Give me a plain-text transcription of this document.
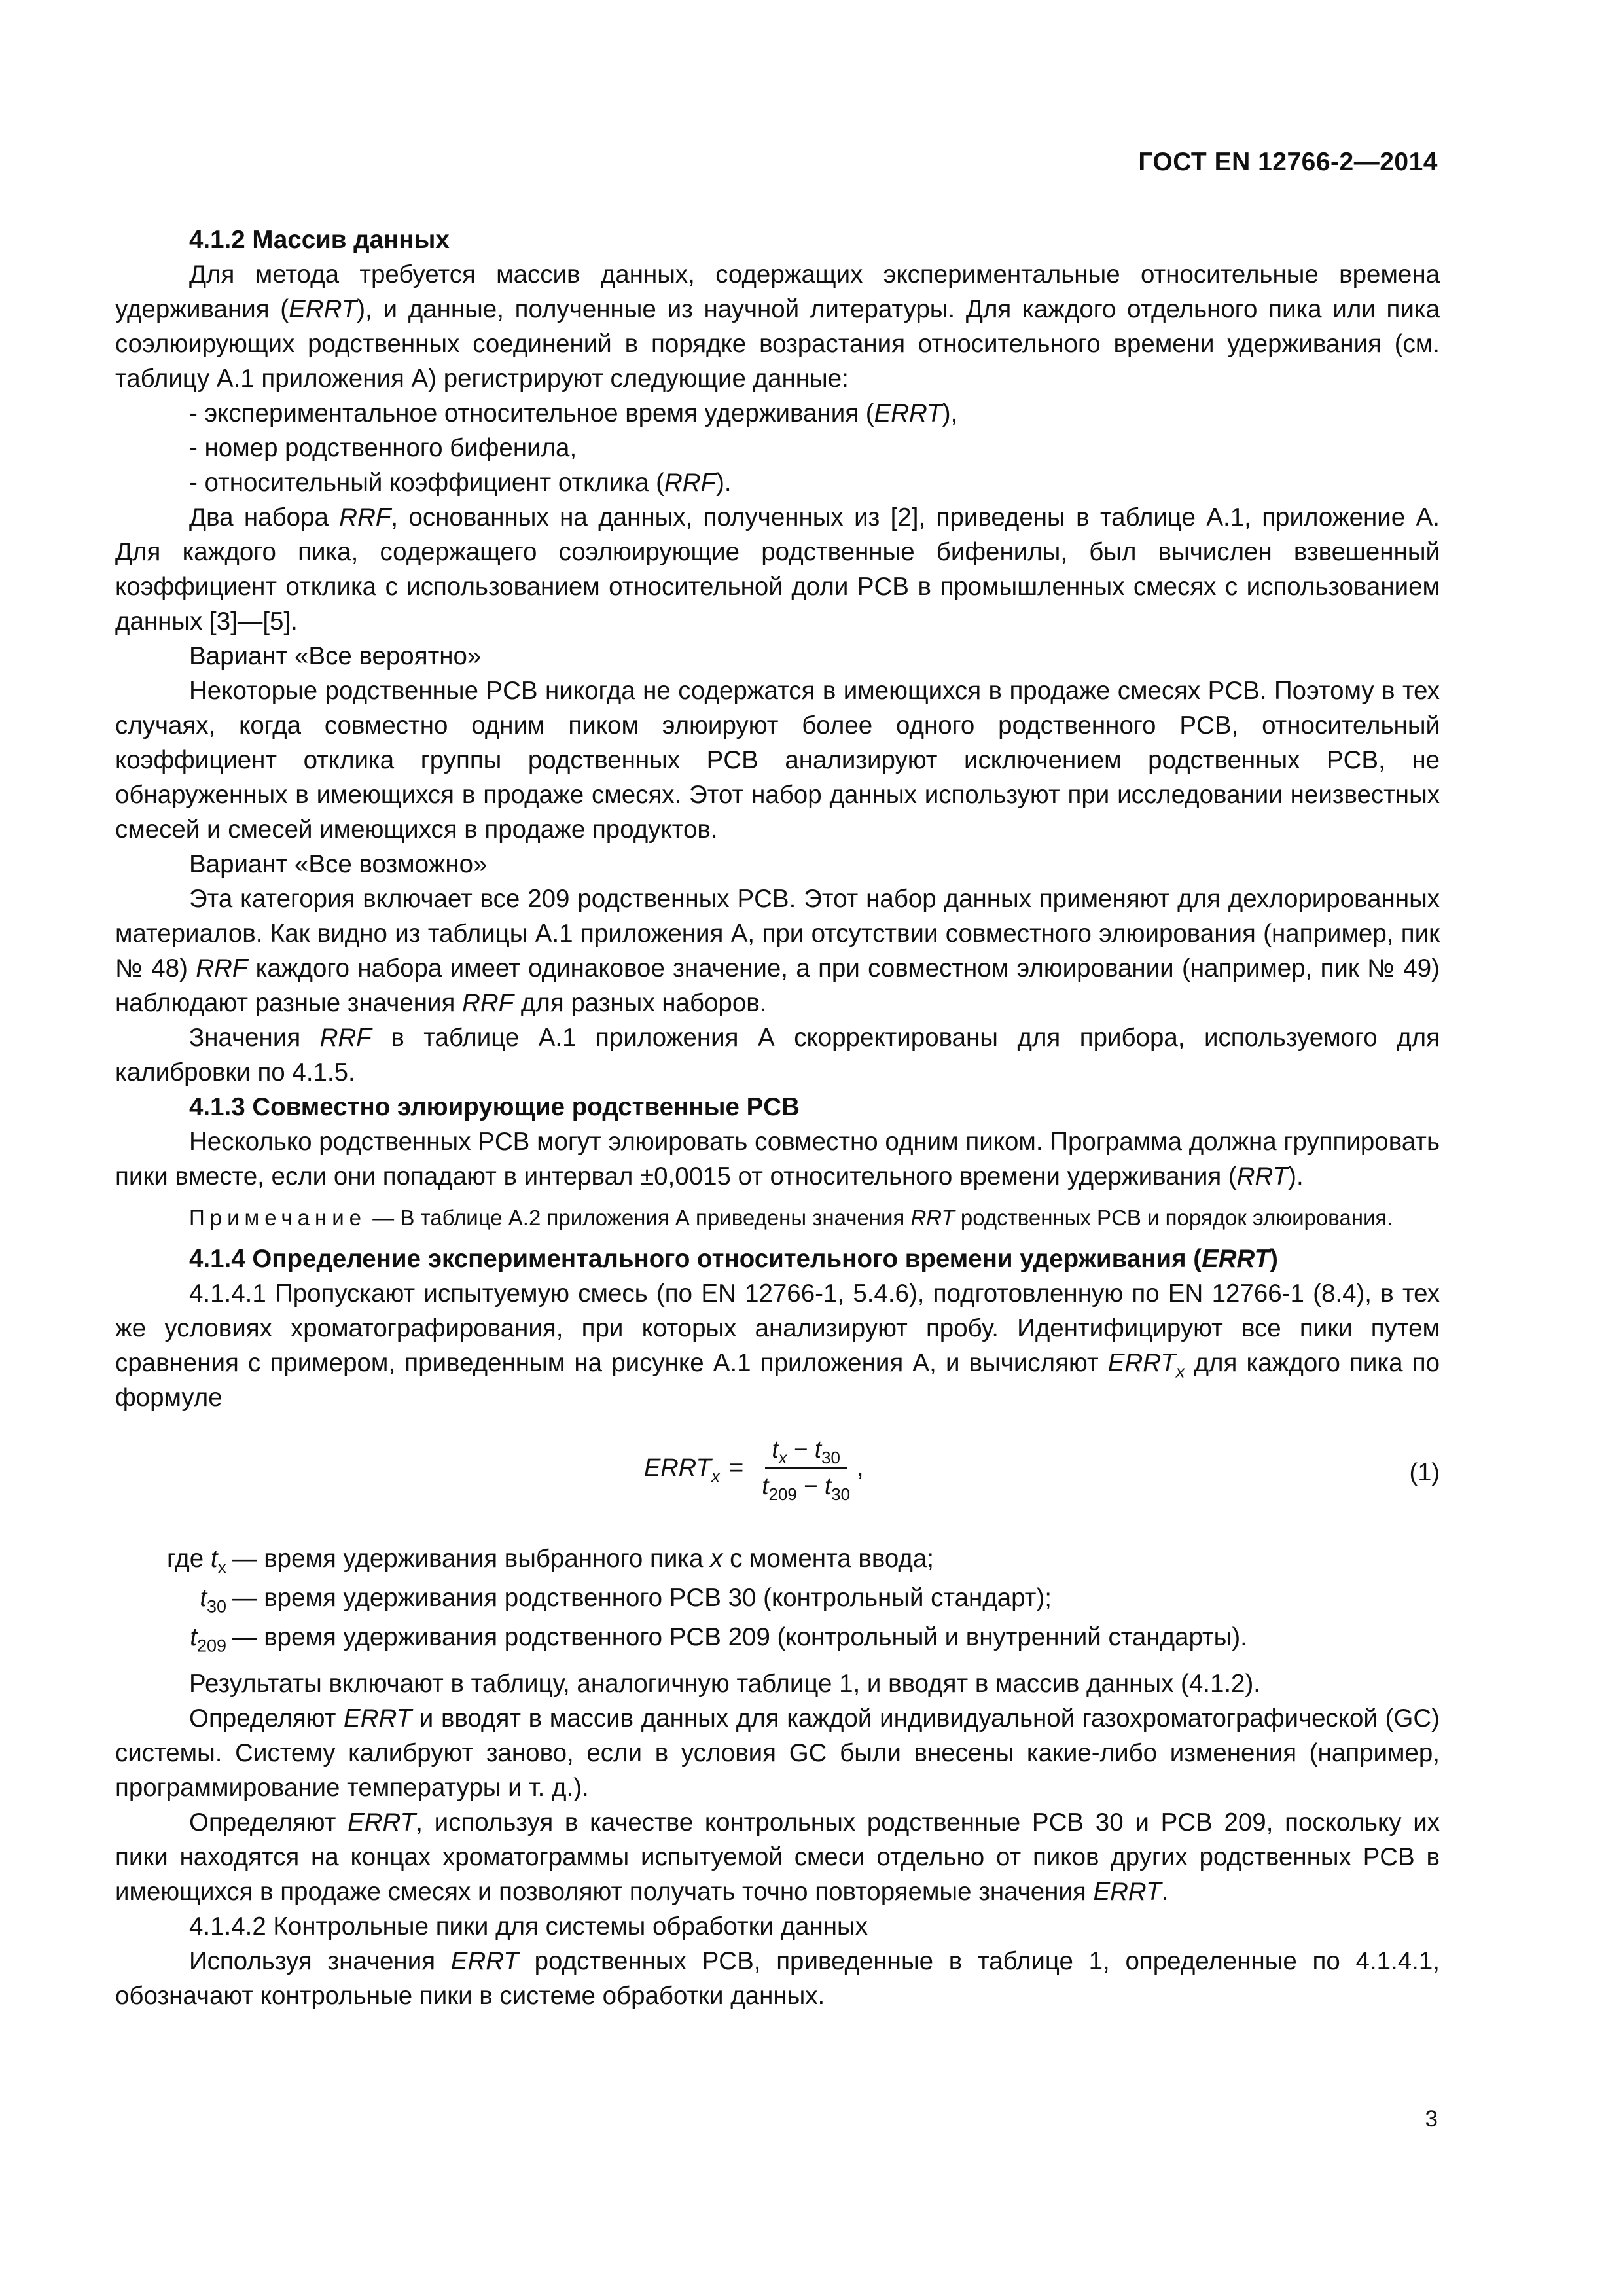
ГОСТ EN 12766-2—2014

4.1.2 Массив данных

Для метода требуется массив данных, содержащих экспериментальные относительные времена удерживания (ERRT), и данные, полученные из научной литературы. Для каждого отдельного пика или пика соэлюирующих родственных соединений в порядке возрастания относительного времени удерживания (см. таблицу А.1 приложения А) регистрируют следующие данные:

- экспериментальное относительное время удерживания (ERRT),

- номер родственного бифенила,

- относительный коэффициент отклика (RRF).

Два набора RRF, основанных на данных, полученных из [2], приведены в таблице А.1, приложение А. Для каждого пика, содержащего соэлюирующие родственные бифенилы, был вычислен взвешенный коэффициент отклика с использованием относительной доли PCB в промышленных смесях с использованием данных [3]—[5].

Вариант «Все вероятно»

Некоторые родственные PCB никогда не содержатся в имеющихся в продаже смесях PCB. Поэтому в тех случаях, когда совместно одним пиком элюируют более одного родственного PCB, относительный коэффициент отклика группы родственных PCB анализируют исключением родственных PCB, не обнаруженных в имеющихся в продаже смесях. Этот набор данных используют при исследовании неизвестных смесей и смесей имеющихся в продаже продуктов.

Вариант «Все возможно»

Эта категория включает все 209 родственных PCB. Этот набор данных применяют для дехлорированных материалов. Как видно из таблицы А.1 приложения А, при отсутствии совместного элюирования (например, пик № 48) RRF каждого набора имеет одинаковое значение, а при совместном элюировании (например, пик № 49) наблюдают разные значения RRF для разных наборов.

Значения RRF в таблице А.1 приложения А скорректированы для прибора, используемого для калибровки по 4.1.5.

4.1.3 Совместно элюирующие родственные PCB

Несколько родственных PCB могут элюировать совместно одним пиком. Программа должна группировать пики вместе, если они попадают в интервал ±0,0015 от относительного времени удерживания (RRT).

Примечание — В таблице А.2 приложения А приведены значения RRT родственных PCB и порядок элюирования.

4.1.4 Определение экспериментального относительного времени удерживания (ERRT)

4.1.4.1 Пропускают испытуемую смесь (по EN 12766-1, 5.4.6), подготовленную по EN 12766-1 (8.4), в тех же условиях хроматографирования, при которых анализируют пробу. Идентифицируют все пики путем сравнения с примером, приведенным на рисунке А.1 приложения А, и вычисляют $ERRT_x$ для каждого пика по формуле

$ERRT_x = \frac{t_x - t_{30}}{t_{209} - t_{30}}$ ,	(1)
где $t_x$ — время удерживания выбранного пика x с момента ввода;
$t_{30}$ — время удерживания родственного PCB 30 (контрольный стандарт);
$t_{209}$ — время удерживания родственного PCB 209 (контрольный и внутренний стандарты).

Результаты включают в таблицу, аналогичную таблице 1, и вводят в массив данных (4.1.2).

Определяют ERRT и вводят в массив данных для каждой индивидуальной газохроматографической (GC) системы. Систему калибруют заново, если в условия GC были внесены какие-либо изменения (например, программирование температуры и т. д.).

Определяют ERRT, используя в качестве контрольных родственные PCB 30 и PCB 209, поскольку их пики находятся на концах хроматограммы испытуемой смеси отдельно от пиков других родственных PCB в имеющихся в продаже смесях и позволяют получать точно повторяемые значения ERRT.

4.1.4.2 Контрольные пики для системы обработки данных

Используя значения ERRT родственных PCB, приведенные в таблице 1, определенные по 4.1.4.1, обозначают контрольные пики в системе обработки данных.

3
